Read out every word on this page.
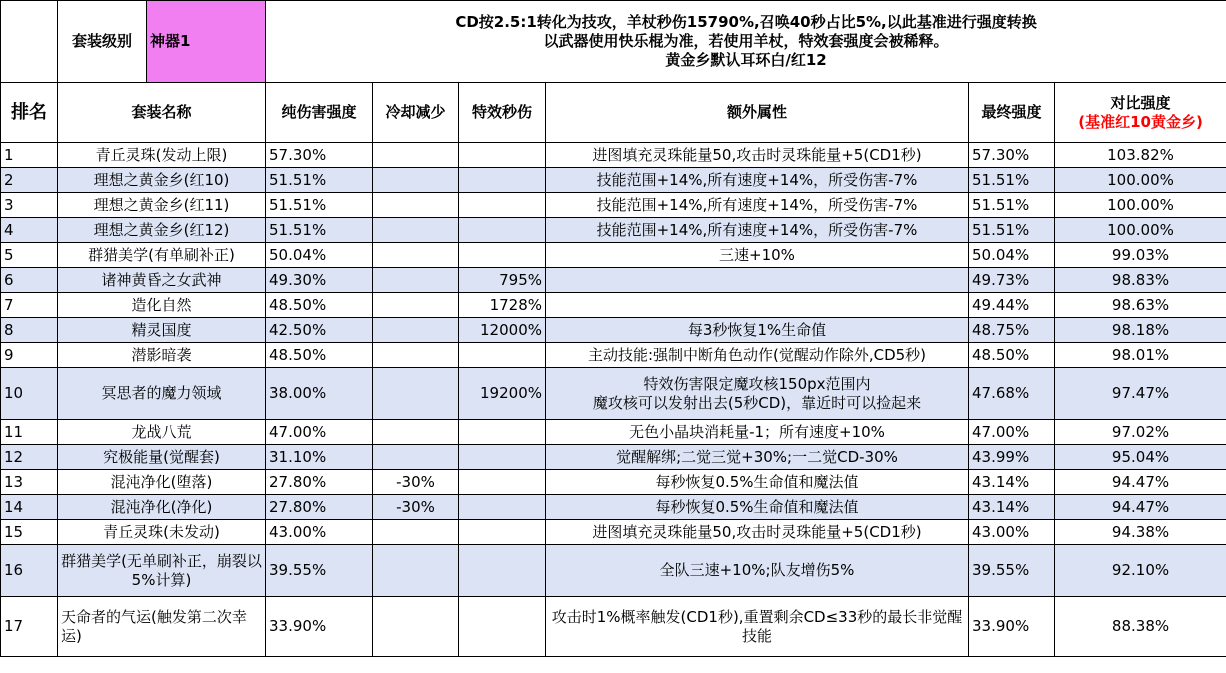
	套装级别	神器1	CD按2.5:1转化为技攻，羊杖秒伤15790%,召唤40秒占比5%,以此基准进行强度转换
以武器使用快乐棍为准，若使用羊杖，特效套强度会被稀释。
黄金乡默认耳环白/红12					

排名	套装名称		纯伤害强度	冷却减少	特效秒伤	额外属性	最终强度	对比强度
(基准红10黄金乡)

1	青丘灵珠(发动上限)		57.30%			进图填充灵珠能量50,攻击时灵珠能量+5(CD1秒)	57.30%	103.82%
2	理想之黄金乡(红10)		51.51%			技能范围+14%,所有速度+14%，所受伤害-7%	51.51%	100.00%
3	理想之黄金乡(红11)		51.51%			技能范围+14%,所有速度+14%，所受伤害-7%	51.51%	100.00%
4	理想之黄金乡(红12)		51.51%			技能范围+14%,所有速度+14%，所受伤害-7%	51.51%	100.00%
5	群猎美学(有单刷补正)		50.04%			三速+10%	50.04%	99.03%
6	诸神黄昏之女武神		49.30%		795%		49.73%	98.83%
7	造化自然		48.50%		1728%		49.44%	98.63%
8	精灵国度		42.50%		12000%	每3秒恢复1%生命值	48.75%	98.18%
9	潜影暗袭		48.50%			主动技能:强制中断角色动作(觉醒动作除外,CD5秒)	48.50%	98.01%
10	冥思者的魔力领域		38.00%		19200%	特效伤害限定魔攻核150px范围内
魔攻核可以发射出去(5秒CD)，靠近时可以捡起来	47.68%	97.47%
11	龙战八荒		47.00%			无色小晶块消耗量-1；所有速度+10%	47.00%	97.02%
12	究极能量(觉醒套)		31.10%			觉醒解绑;二觉三觉+30%;一二觉CD-30%	43.99%	95.04%
13	混沌净化(堕落)		27.80%	-30%		每秒恢复0.5%生命值和魔法值	43.14%	94.47%
14	混沌净化(净化)		27.80%	-30%		每秒恢复0.5%生命值和魔法值	43.14%	94.47%
15	青丘灵珠(未发动)		43.00%			进图填充灵珠能量50,攻击时灵珠能量+5(CD1秒)	43.00%	94.38%
16	群猎美学(无单刷补正，崩裂以5%计算)		39.55%			全队三速+10%;队友增伤5%	39.55%	92.10%
17	天命者的气运(触发第二次幸运)		33.90%			攻击时1%概率触发(CD1秒),重置剩余CD≤33秒的最长非觉醒技能	33.90%	88.38%
